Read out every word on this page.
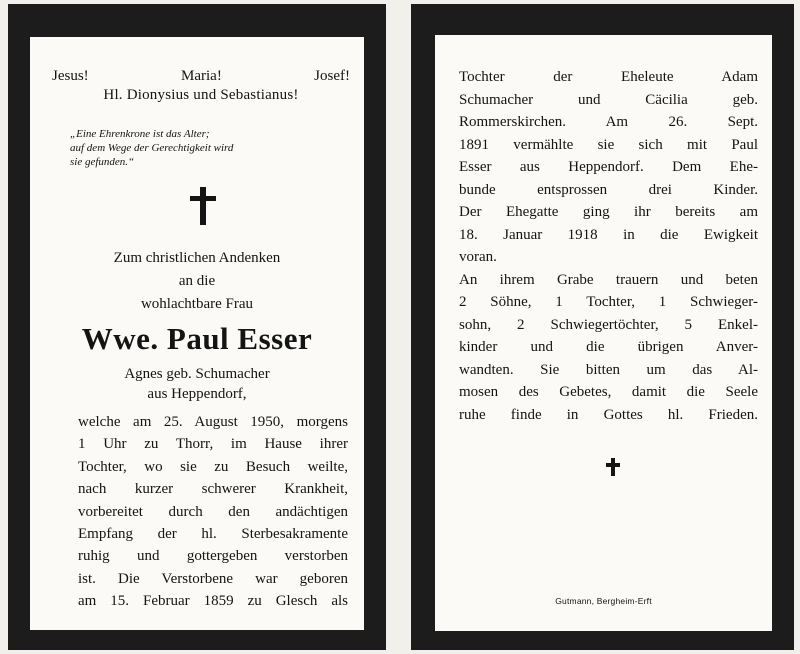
Jesus!	Maria!	Josef!
Hl. Dionysius und Sebastianus!
„Eine Ehrenkrone ist das Alter;
auf dem Wege der Gerechtigkeit wird
sie gefunden.“
Zum christlichen Andenken
an die
wohlachtbare Frau
Wwe. Paul Esser
Agnes geb. Schumacher
aus Heppendorf,
welche am 25. August 1950, morgens
1 Uhr zu Thorr, im Hause ihrer
Tochter, wo sie zu Besuch weilte,
nach kurzer schwerer Krankheit,
vorbereitet durch den andächtigen
Empfang der hl. Sterbesakramente
ruhig und gottergeben verstorben
ist. Die Verstorbene war geboren
am 15. Februar 1859 zu Glesch als
Tochter der Eheleute Adam
Schumacher und Cäcilia geb.
Rommerskirchen. Am 26. Sept.
1891 vermählte sie sich mit Paul
Esser aus Heppendorf. Dem Ehe-
bunde entsprossen drei Kinder.
Der Ehegatte ging ihr bereits am
18. Januar 1918 in die Ewigkeit
voran.
An ihrem Grabe trauern und beten
2 Söhne, 1 Tochter, 1 Schwieger-
sohn, 2 Schwiegertöchter, 5 Enkel-
kinder und die übrigen Anver-
wandten. Sie bitten um das Al-
mosen des Gebetes, damit die Seele
ruhe finde in Gottes hl. Frieden.
Gutmann, Bergheim-Erft
